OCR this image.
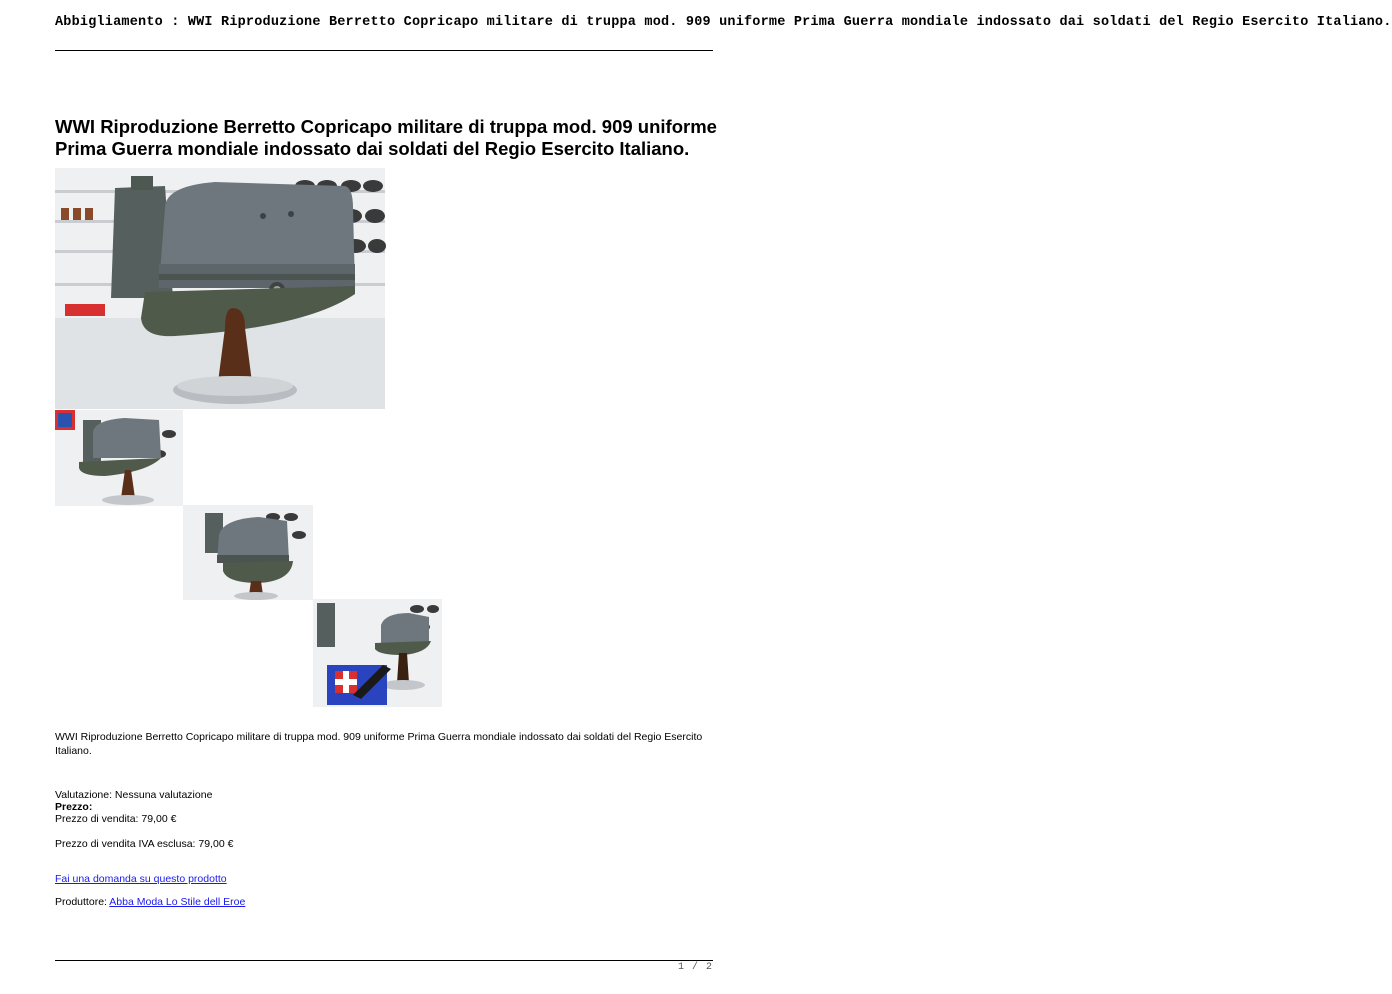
Abbigliamento : WWI Riproduzione Berretto Copricapo militare di truppa mod. 909 uniforme Prima Guerra mondiale indossato dai soldati del Regio Esercito Italiano.
WWI Riproduzione Berretto Copricapo militare di truppa mod. 909 uniforme Prima Guerra mondiale indossato dai soldati del Regio Esercito Italiano.
WWI Riproduzione Berretto Copricapo militare di truppa mod. 909 uniforme Prima Guerra mondiale indossato dai soldati del Regio Esercito Italiano.
Valutazione: Nessuna valutazione
Prezzo:
Prezzo di vendita: 79,00 €
Prezzo di vendita IVA esclusa: 79,00 €
Fai una domanda su questo prodotto
Produttore: Abba Moda Lo Stile dell Eroe
1 / 2
